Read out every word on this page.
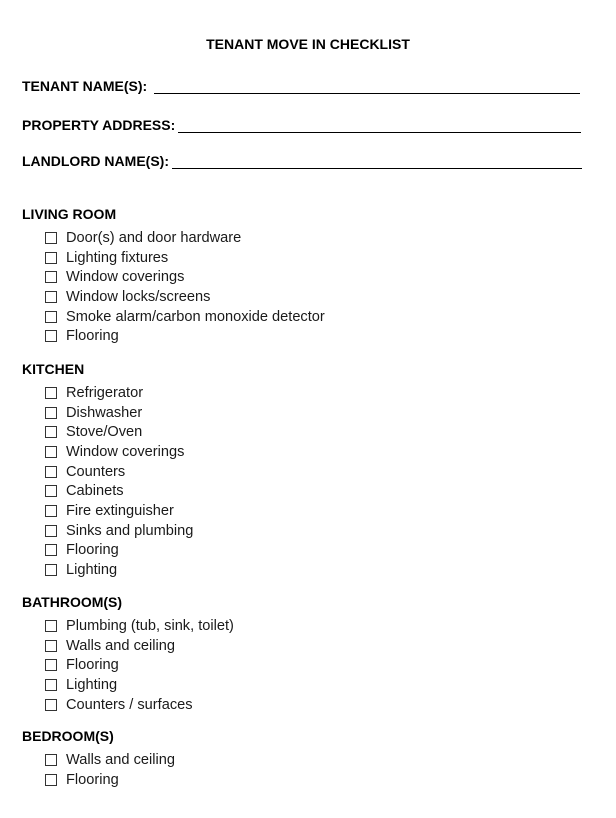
TENANT MOVE IN CHECKLIST
TENANT NAME(S):
PROPERTY ADDRESS:
LANDLORD NAME(S):
LIVING ROOM
Door(s) and door hardware
Lighting fixtures
Window coverings
Window locks/screens
Smoke alarm/carbon monoxide detector
Flooring
KITCHEN
Refrigerator
Dishwasher
Stove/Oven
Window coverings
Counters
Cabinets
Fire extinguisher
Sinks and plumbing
Flooring
Lighting
BATHROOM(S)
Plumbing (tub, sink, toilet)
Walls and ceiling
Flooring
Lighting
Counters / surfaces
BEDROOM(S)
Walls and ceiling
Flooring
